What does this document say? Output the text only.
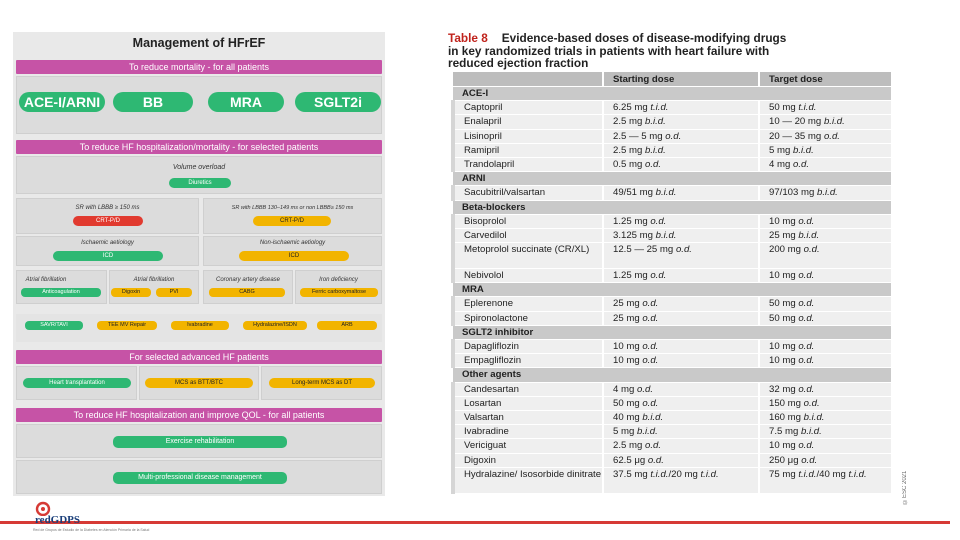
Management of HFrEF
To reduce mortality - for all patients
ACE-I/ARNI	BB	MRA	SGLT2i
To reduce HF hospitalization/mortality - for selected patients
Volume overload
Diuretics
SR with LBBB ≥ 150 ms
CRT-P/D
SR with LBBB 130–149 ms or non LBBB≥ 150 ms
CRT-P/D
Ischaemic aetiology
ICD
Non-ischaemic aetiology
ICD
Atrial fibrillation
Anticoagulation
Atrial fibrillation
Digoxin	PVI
Coronary artery disease
CABG
Iron deficiency
Ferric carboxymaltose
SAVR/TAVI	TEE MV Repair	Ivabradine	Hydralazine/ISDN	ARB
For selected advanced HF patients
Heart transplantation	MCS as BTT/BTC	Long-term MCS as DT
To reduce HF hospitalization and improve QOL - for all patients
Exercise rehabilitation
Multi-professional disease management
Table 8 Evidence-based doses of disease-modifying drugs
in key randomized trials in patients with heart failure with
reduced ejection fraction
	Starting dose	Target dose
ACE-I		
Captopril	6.25 mg t.i.d.	50 mg t.i.d.
Enalapril	2.5 mg b.i.d.	10 — 20 mg b.i.d.
Lisinopril	2.5 — 5 mg o.d.	20 — 35 mg o.d.
Ramipril	2.5 mg b.i.d.	5 mg b.i.d.
Trandolapril	0.5 mg o.d.	4 mg o.d.
ARNI		
Sacubitril/valsartan	49/51 mg b.i.d.	97/103 mg b.i.d.
Beta-blockers		
Bisoprolol	1.25 mg o.d.	10 mg o.d.
Carvedilol	3.125 mg b.i.d.	25 mg b.i.d.
Metoprolol succinate (CR/XL)	12.5 — 25 mg o.d.	200 mg o.d.
Nebivolol	1.25 mg o.d.	10 mg o.d.
MRA		
Eplerenone	25 mg o.d.	50 mg o.d.
Spironolactone	25 mg o.d.	50 mg o.d.
SGLT2 inhibitor		
Dapagliflozin	10 mg o.d.	10 mg o.d.
Empagliflozin	10 mg o.d.	10 mg o.d.
Other agents		
Candesartan	4 mg o.d.	32 mg o.d.
Losartan	50 mg o.d.	150 mg o.d.
Valsartan	40 mg b.i.d.	160 mg b.i.d.
Ivabradine	5 mg b.i.d.	7.5 mg b.i.d.
Vericiguat	2.5 mg o.d.	10 mg o.d.
Digoxin	62.5 μg o.d.	250 μg o.d.
Hydralazine/ Isosorbide dinitrate	37.5 mg t.i.d./20 mg t.i.d.	75 mg t.i.d./40 mg t.i.d.	©ESC 2021
redGDPS
Red de Grupos de Estudio de la Diabetes en Atención Primaria de la Salud
